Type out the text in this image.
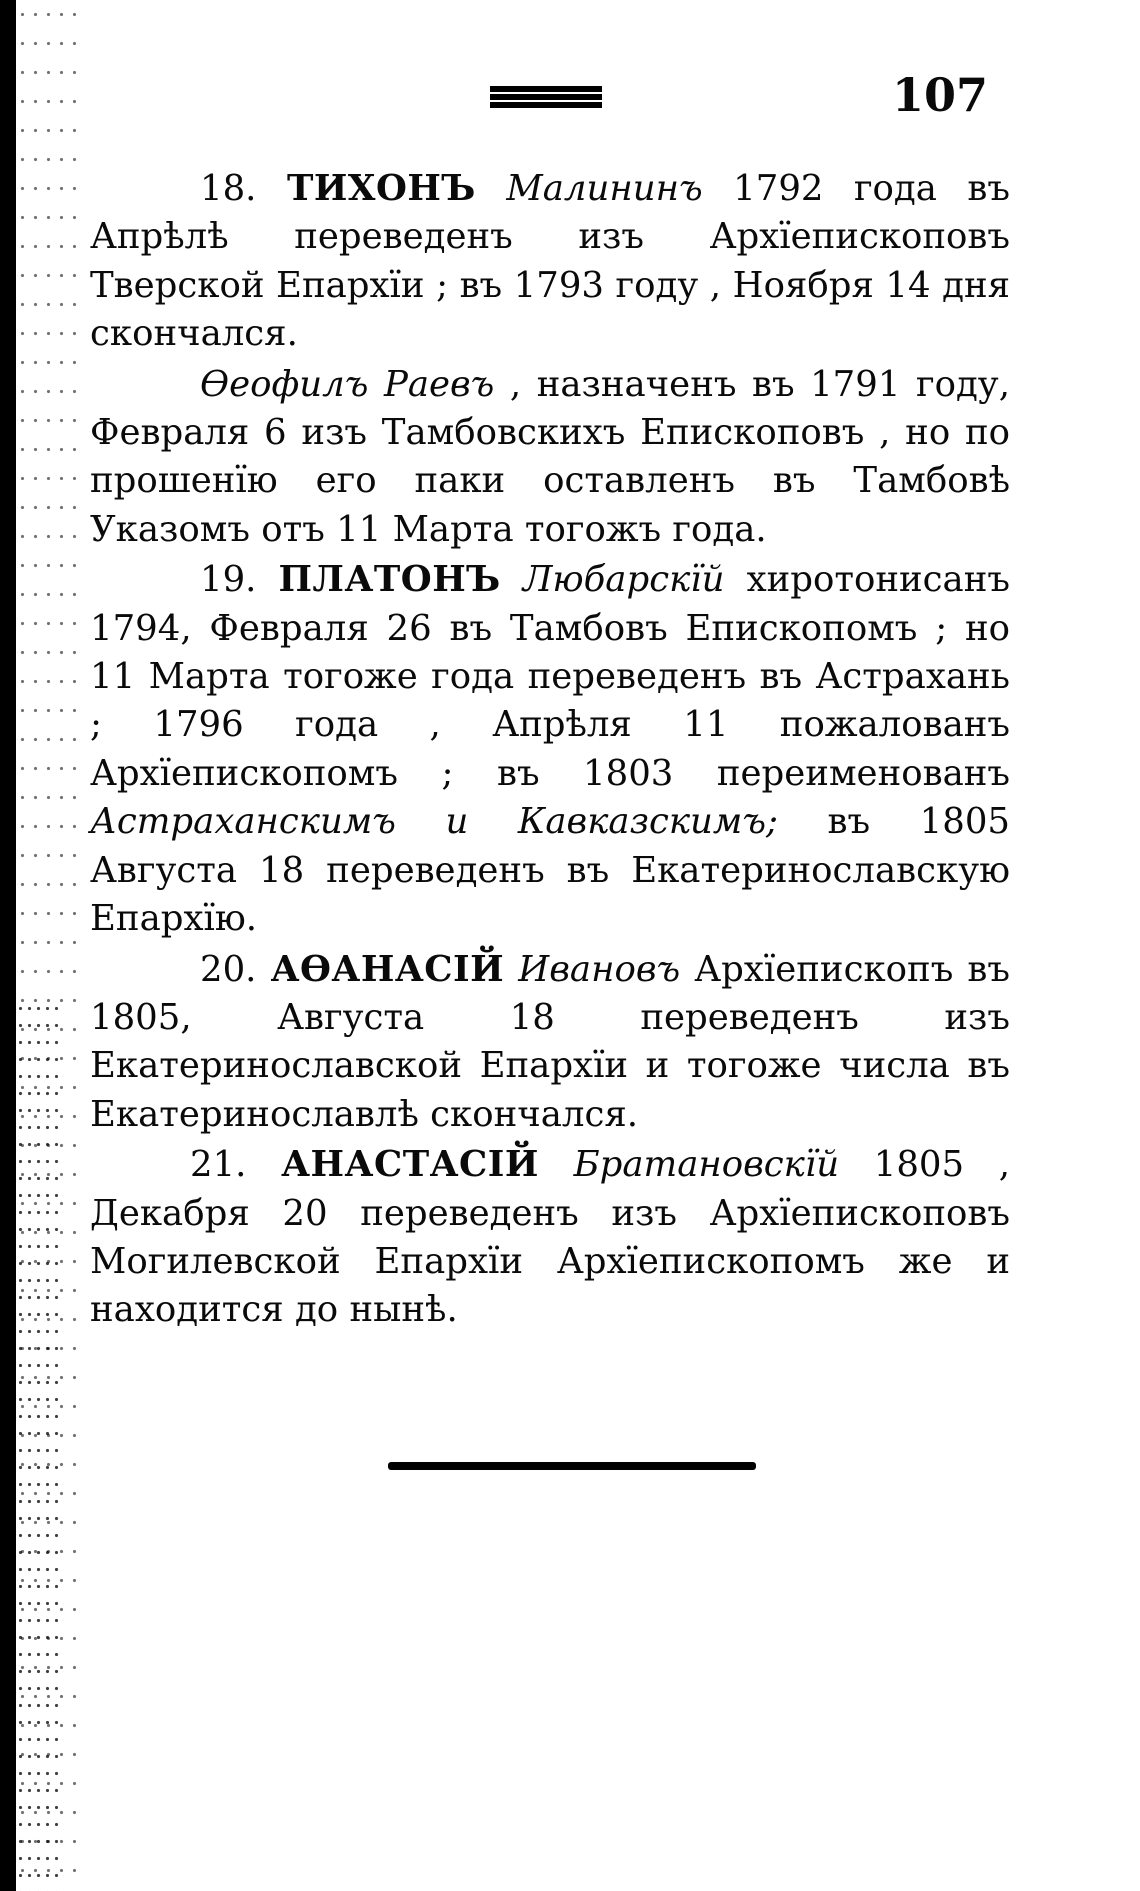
107

18. ТИХОНЪ Малининъ 1792 года въ Апрѣлѣ переведенъ изъ Архїепископовъ Тверской Епархїи ; въ 1793 году , Ноября 14 дня скончался.

Өеофилъ Раевъ , назначенъ въ 1791 году, Февраля 6 изъ Тамбовскихъ Епископовъ , но по прошенїю его паки оставленъ въ Тамбовѣ Указомъ отъ 11 Марта тогожъ года.

19. ПЛАТОНЪ Любарскїй хиротонисанъ 1794, Февраля 26 въ Тамбовъ Епископомъ ; но 11 Марта тогоже года переведенъ въ Астрахань ; 1796 года , Апрѣля 11 пожалованъ Архїепископомъ ; въ 1803 переименованъ Астраханскимъ и Кавказскимъ; въ 1805 Августа 18 переведенъ въ Екатеринославскую Епархїю.

20. АӨАНАСІЙ Ивановъ Архїепископъ въ 1805, Августа 18 переведенъ изъ Екатеринославской Епархїи и тогоже числа въ Екатеринославлѣ скончался.

21. АНАСТАСІЙ Братановскїй 1805 , Декабря 20 переведенъ изъ Архїепископовъ Могилевской Епархїи Архїепископомъ же и находится до нынѣ.
